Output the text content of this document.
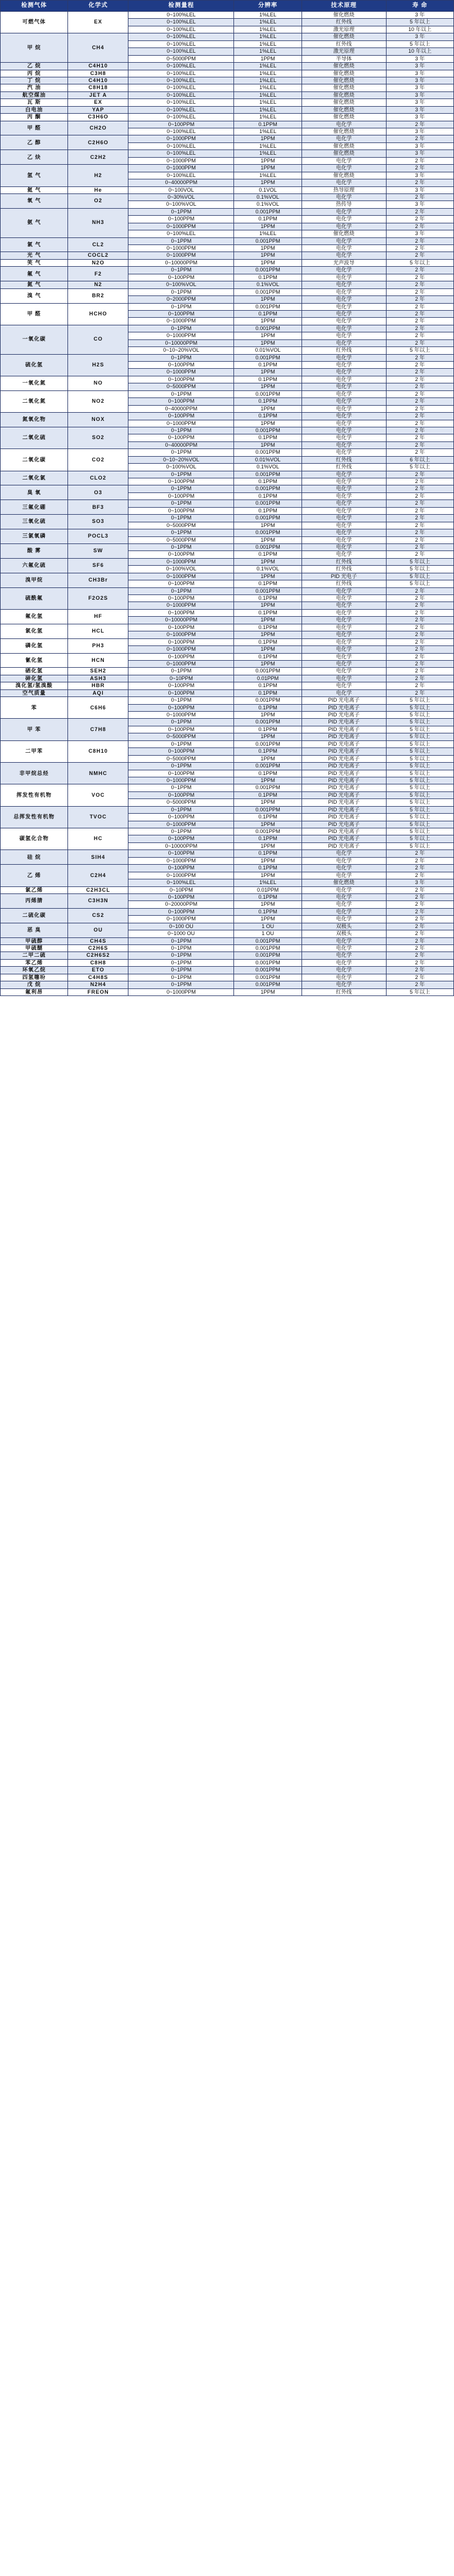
检测气体	化学式	检测量程	分辨率	技术原理	寿 命
可燃气体	EX	0~100%LEL	1%LEL	催化燃烧	3 年
		0~100%LEL	1%LEL	红外线	5 年以上
		0~100%LEL	1%LEL	激光原理	10 年以上
甲 烷	CH4	0~100%LEL	1%LEL	催化燃烧	3 年
		0~100%LEL	1%LEL	红外线	5 年以上
		0~100%LEL	1%LEL	激光原理	10 年以上
		0~5000PPM	1PPM	半导体	3 年
乙 烷	C4H10	0~100%LEL	1%LEL	催化燃烧	3 年
丙 烷	C3H8	0~100%LEL	1%LEL	催化燃烧	3 年
丁 烷	C4H10	0~100%LEL	1%LEL	催化燃烧	3 年
汽 油	C8H18	0~100%LEL	1%LEL	催化燃烧	3 年
航空煤油	JET A	0~100%LEL	1%LEL	催化燃烧	3 年
瓦 斯	EX	0~100%LEL	1%LEL	催化燃烧	3 年
白电油	YAP	0~100%LEL	1%LEL	催化燃烧	3 年
丙 酮	C3H6O	0~100%LEL	1%LEL	催化燃烧	3 年
甲 醛	CH2O	0~100PPM	0.1PPM	电化学	2 年
		0~100%LEL	1%LEL	催化燃烧	3 年
乙 醇	C2H6O	0~1000PPM	1PPM	电化学	2 年
		0~100%LEL	1%LEL	催化燃烧	3 年
乙 炔	C2H2	0~100%LEL	1%LEL	催化燃烧	3 年
		0~1000PPM	1PPM	电化学	2 年
氢 气	H2	0~1000PPM	1PPM	电化学	2 年
		0~100%LEL	1%LEL	催化燃烧	3 年
		0~40000PPM	1PPM	电化学	2 年
氦 气	He	0~100VOL	0.1VOL	热导原理	3 年
氧 气	O2	0~30%VOL	0.1%VOL	电化学	2 年
		0~100%VOL	0.1%VOL	热传导	3 年
氨 气	NH3	0~1PPM	0.001PPM	电化学	2 年
		0~100PPM	0.1PPM	电化学	2 年
		0~1000PPM	1PPM	电化学	2 年
		0~100%LEL	1%LEL	催化燃烧	3 年
氯 气	CL2	0~1PPM	0.001PPM	电化学	2 年
		0~1000PPM	1PPM	电化学	2 年
光 气	COCL2	0~1000PPM	1PPM	电化学	2 年
笑 气	N2O	0~10000PPM	1PPM	光声波导	5 年以上
氟 气	F2	0~1PPM	0.001PPM	电化学	2 年
		0~100PPM	0.1PPM	电化学	2 年
氮 气	N2	0~100%VOL	0.1%VOL	电化学	2 年
溴 气	BR2	0~1PPM	0.001PPM	电化学	2 年
		0~2000PPM	1PPM	电化学	2 年
甲 醛	HCHO	0~1PPM	0.001PPM	电化学	2 年
		0~100PPM	0.1PPM	电化学	2 年
		0~1000PPM	1PPM	电化学	2 年
一氧化碳	CO	0~1PPM	0.001PPM	电化学	2 年
		0~1000PPM	1PPM	电化学	2 年
		0~10000PPM	1PPM	电化学	2 年
		0~10~20%VOL	0.01%VOL	红外线	5 年以上
硫化氢	H2S	0~1PPM	0.001PPM	电化学	2 年
		0~100PPM	0.1PPM	电化学	2 年
		0~1000PPM	1PPM	电化学	2 年
一氧化氮	NO	0~100PPM	0.1PPM	电化学	2 年
		0~5000PPM	1PPM	电化学	2 年
二氧化氮	NO2	0~1PPM	0.001PPM	电化学	2 年
		0~100PPM	0.1PPM	电化学	2 年
		0~40000PPM	1PPM	电化学	2 年
氮氧化物	NOX	0~100PPM	0.1PPM	电化学	2 年
		0~1000PPM	1PPM	电化学	2 年
二氧化硫	SO2	0~1PPM	0.001PPM	电化学	2 年
		0~100PPM	0.1PPM	电化学	2 年
		0~40000PPM	1PPM	电化学	2 年
二氧化碳	CO2	0~1PPM	0.001PPM	电化学	2 年
		0~10~20%VOL	0.01%VOL	红外线	6 年以上
		0~100%VOL	0.1%VOL	红外线	5 年以上
二氧化氯	CLO2	0~1PPM	0.001PPM	电化学	2 年
		0~100PPM	0.1PPM	电化学	2 年
臭 氧	O3	0~1PPM	0.001PPM	电化学	2 年
		0~100PPM	0.1PPM	电化学	2 年
三氟化硼	BF3	0~1PPM	0.001PPM	电化学	2 年
		0~100PPM	0.1PPM	电化学	2 年
三氧化硫	SO3	0~1PPM	0.001PPM	电化学	2 年
		0~5000PPM	1PPM	电化学	2 年
三氯氧磷	POCL3	0~1PPM	0.001PPM	电化学	2 年
		0~5000PPM	1PPM	电化学	2 年
酸 雾	SW	0~1PPM	0.001PPM	电化学	2 年
		0~100PPM	0.1PPM	电化学	2 年
六氟化硫	SF6	0~1000PPM	1PPM	红外线	5 年以上
		0~100%VOL	0.1%VOL	红外线	5 年以上
溴甲烷	CH3Br	0~1000PPM	1PPM	PID 光电子	5 年以上
		0~100PPM	0.1PPM	红外线	5 年以上
硫酰氟	F2O2S	0~1PPM	0.001PPM	电化学	2 年
		0~100PPM	0.1PPM	电化学	2 年
		0~1000PPM	1PPM	电化学	2 年
氟化氢	HF	0~100PPM	0.1PPM	电化学	2 年
		0~10000PPM	1PPM	电化学	2 年
氯化氢	HCL	0~100PPM	0.1PPM	电化学	2 年
		0~1000PPM	1PPM	电化学	2 年
磷化氢	PH3	0~100PPM	0.1PPM	电化学	2 年
		0~1000PPM	1PPM	电化学	2 年
氰化氢	HCN	0~100PPM	0.1PPM	电化学	2 年
		0~1000PPM	1PPM	电化学	2 年
硒化氢	SEH2	0~1PPM	0.001PPM	电化学	2 年
砷化氢	ASH3	0~10PPM	0.01PPM	电化学	2 年
溴化氢/氢溴酸	HBR	0~100PPM	0.1PPM	电化学	2 年
空气质量	AQI	0~100PPM	0.1PPM	电化学	2 年
苯	C6H6	0~1PPM	0.001PPM	PID 光电离子	5 年以上
		0~100PPM	0.1PPM	PID 光电离子	5 年以上
		0~1000PPM	1PPM	PID 光电离子	5 年以上
甲 苯	C7H8	0~1PPM	0.001PPM	PID 光电离子	5 年以上
		0~100PPM	0.1PPM	PID 光电离子	5 年以上
		0~5000PPM	1PPM	PID 光电离子	5 年以上
二甲苯	C8H10	0~1PPM	0.001PPM	PID 光电离子	5 年以上
		0~100PPM	0.1PPM	PID 光电离子	5 年以上
		0~5000PPM	1PPM	PID 光电离子	5 年以上
非甲烷总烃	NMHC	0~1PPM	0.001PPM	PID 光电离子	5 年以上
		0~100PPM	0.1PPM	PID 光电离子	5 年以上
		0~1000PPM	1PPM	PID 光电离子	5 年以上
挥发性有机物	VOC	0~1PPM	0.001PPM	PID 光电离子	5 年以上
		0~100PPM	0.1PPM	PID 光电离子	5 年以上
		0~5000PPM	1PPM	PID 光电离子	5 年以上
总挥发性有机物	TVOC	0~1PPM	0.001PPM	PID 光电离子	5 年以上
		0~100PPM	0.1PPM	PID 光电离子	5 年以上
		0~1000PPM	1PPM	PID 光电离子	5 年以上
碳氢化合物	HC	0~1PPM	0.001PPM	PID 光电离子	5 年以上
		0~100PPM	0.1PPM	PID 光电离子	5 年以上
		0~10000PPM	1PPM	PID 光电离子	5 年以上
硅 烷	SIH4	0~100PPM	0.1PPM	电化学	2 年
		0~1000PPM	1PPM	电化学	2 年
乙 烯	C2H4	0~100PPM	0.1PPM	电化学	2 年
		0~1000PPM	1PPM	电化学	2 年
		0~100%LEL	1%LEL	催化燃烧	3 年
氯乙烯	C2H3CL	0~10PPM	0.01PPM	电化学	2 年
丙烯腈	C3H3N	0~100PPM	0.1PPM	电化学	2 年
		0~20000PPM	1PPM	电化学	2 年
二硫化碳	CS2	0~100PPM	0.1PPM	电化学	2 年
		0~1000PPM	1PPM	电化学	2 年
恶 臭	OU	0~100 OU	1 OU	双极头	2 年
		0~1000 OU	1 OU	双极头	2 年
甲硫醇	CH4S	0~1PPM	0.001PPM	电化学	2 年
甲硫醚	C2H6S	0~1PPM	0.001PPM	电化学	2 年
二甲二硫	C2H6S2	0~1PPM	0.001PPM	电化学	2 年
苯乙烯	C8H8	0~1PPM	0.001PPM	电化学	2 年
环氧乙烷	ETO	0~1PPM	0.001PPM	电化学	2 年
四氢噻吩	C4H8S	0~1PPM	0.001PPM	电化学	2 年
戊 烷	N2H4	0~1PPM	0.001PPM	电化学	2 年
氟利昂	FREON	0~1000PPM	1PPM	红外线	5 年以上
